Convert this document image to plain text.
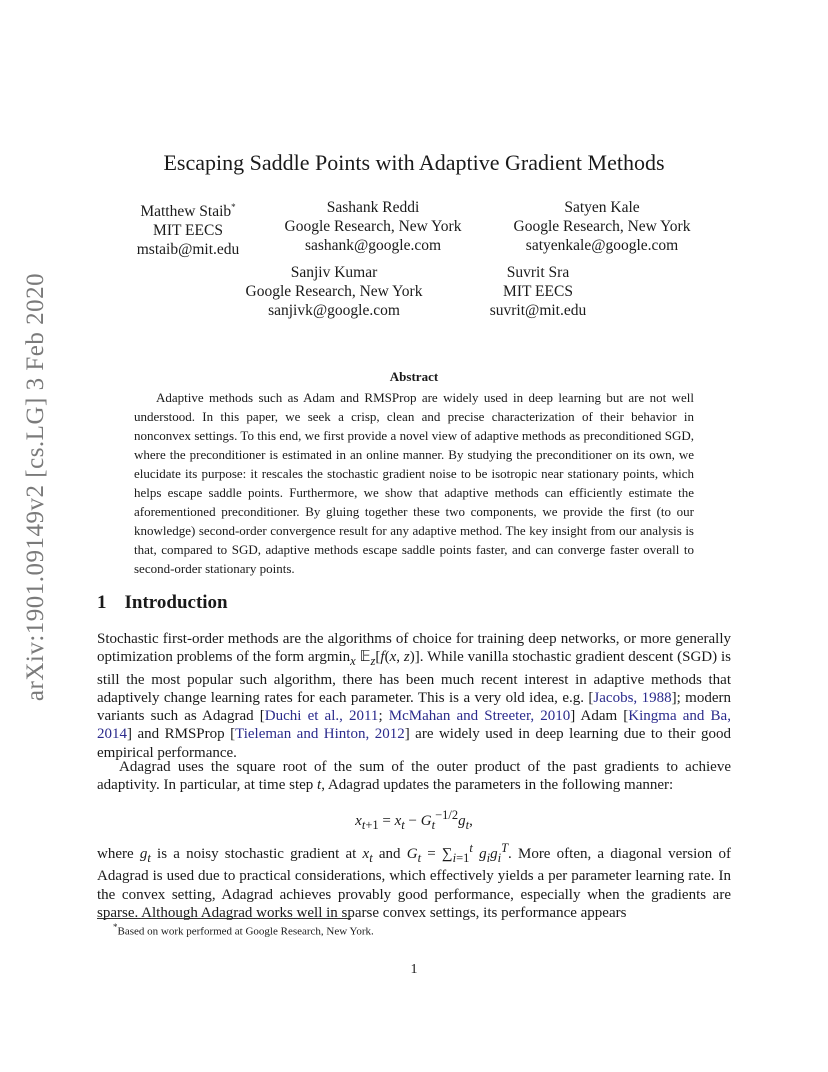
arXiv:1901.09149v2 [cs.LG] 3 Feb 2020
Escaping Saddle Points with Adaptive Gradient Methods
Matthew Staib*
MIT EECS
mstaib@mit.edu
Sashank Reddi
Google Research, New York
sashank@google.com
Satyen Kale
Google Research, New York
satyenkale@google.com
Sanjiv Kumar
Google Research, New York
sanjivk@google.com
Suvrit Sra
MIT EECS
suvrit@mit.edu
Abstract
Adaptive methods such as Adam and RMSProp are widely used in deep learning but are not well understood. In this paper, we seek a crisp, clean and precise characterization of their behavior in nonconvex settings. To this end, we first provide a novel view of adaptive methods as preconditioned SGD, where the preconditioner is estimated in an online manner. By studying the preconditioner on its own, we elucidate its purpose: it rescales the stochastic gradient noise to be isotropic near stationary points, which helps escape saddle points. Furthermore, we show that adaptive methods can efficiently estimate the aforementioned preconditioner. By gluing together these two components, we provide the first (to our knowledge) second-order convergence result for any adaptive method. The key insight from our analysis is that, compared to SGD, adaptive methods escape saddle points faster, and can converge faster overall to second-order stationary points.
1 Introduction
Stochastic first-order methods are the algorithms of choice for training deep networks, or more generally optimization problems of the form argmin$_x$ 𝔼$_z$[f(x, z)]. While vanilla stochastic gradient descent (SGD) is still the most popular such algorithm, there has been much recent interest in adaptive methods that adaptively change learning rates for each parameter. This is a very old idea, e.g. [Jacobs, 1988]; modern variants such as Adagrad [Duchi et al., 2011; McMahan and Streeter, 2010] Adam [Kingma and Ba, 2014] and RMSProp [Tieleman and Hinton, 2012] are widely used in deep learning due to their good empirical performance.
Adagrad uses the square root of the sum of the outer product of the past gradients to achieve adaptivity. In particular, at time step t, Adagrad updates the parameters in the following manner:
$x_{t+1} = x_t - G_t^{-1/2}g_t$,
where $g_t$ is a noisy stochastic gradient at $x_t$ and $G_t = \sum_{i=1}^t$ $g_ig_i^T$. More often, a diagonal version of Adagrad is used due to practical considerations, which effectively yields a per parameter learning rate. In the convex setting, Adagrad achieves provably good performance, especially when the gradients are sparse. Although Adagrad works well in sparse convex settings, its performance appears
*Based on work performed at Google Research, New York.
1
